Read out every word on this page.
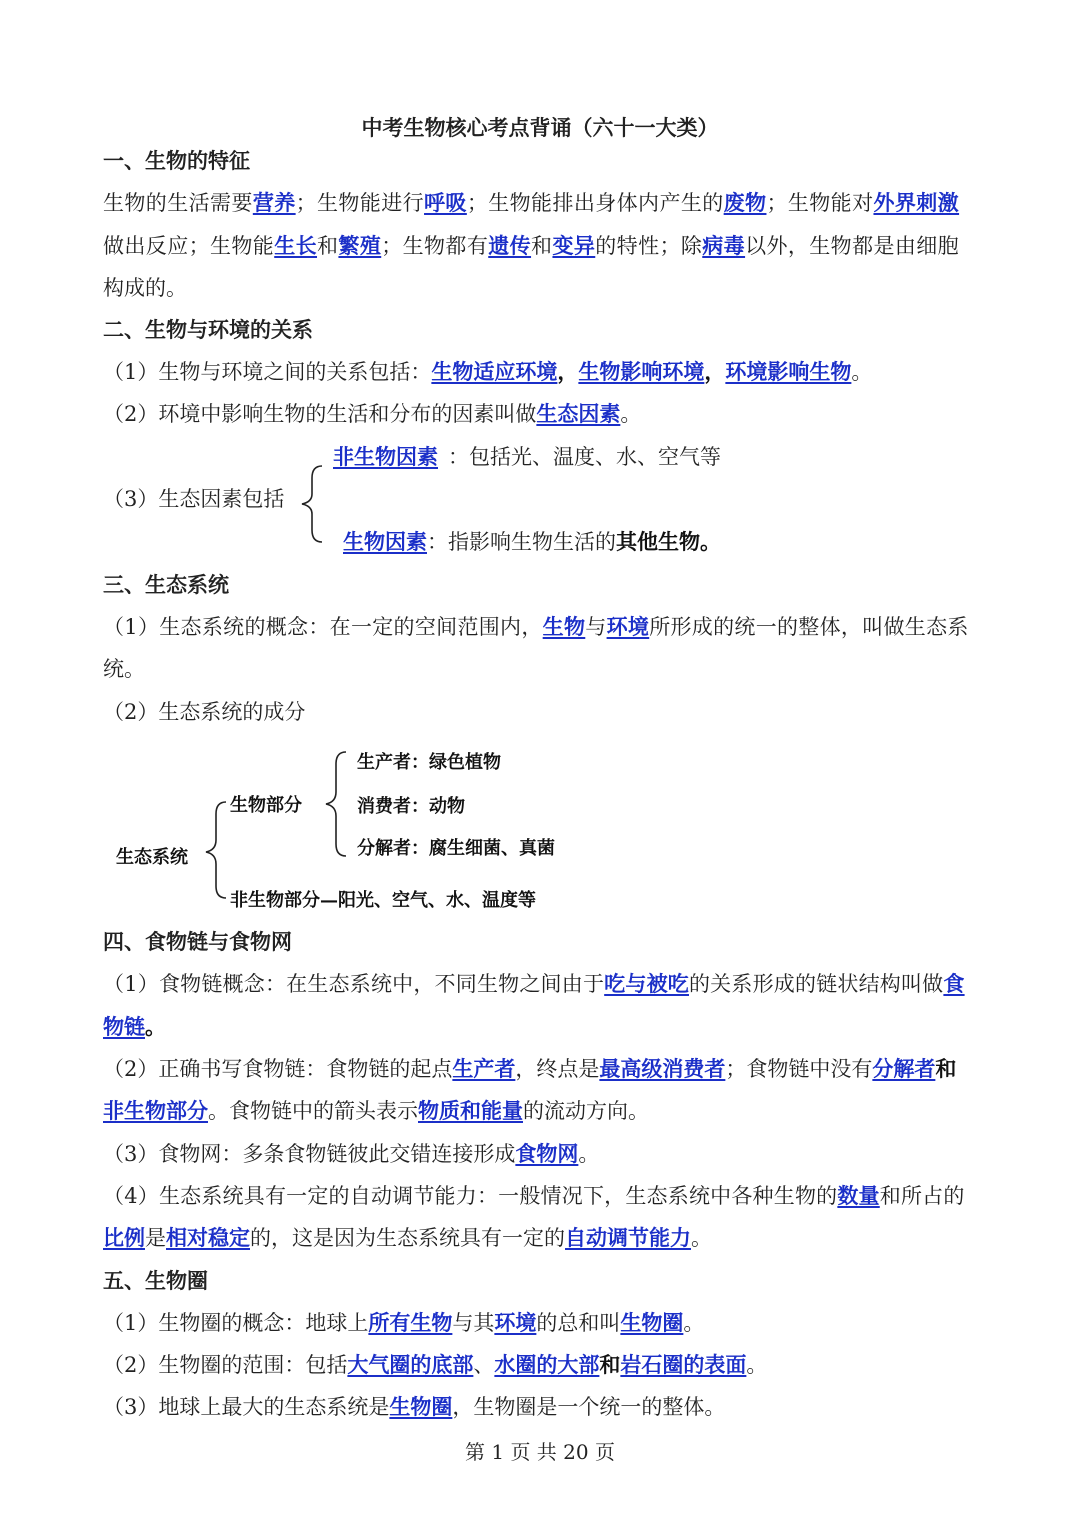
中考生物核心考点背诵（六十一大类）
一、生物的特征
生物的生活需要营养；生物能进行呼吸；生物能排出身体内产生的废物；生物能对外界刺激
做出反应；生物能生长和繁殖；生物都有遗传和变异的特性；除病毒以外，生物都是由细胞
构成的。
二、生物与环境的关系
（1）生物与环境之间的关系包括：生物适应环境，生物影响环境，环境影响生物。
（2）环境中影响生物的生活和分布的因素叫做生态因素。
（3）生态因素包括
非生物因素 ：包括光、温度、水、空气等
生物因素：指影响生物生活的其他生物。
三、生态系统
（1）生态系统的概念：在一定的空间范围内，生物与环境所形成的统一的整体，叫做生态系
统。
（2）生态系统的成分
生态系统
生物部分
生产者：绿色植物
消费者：动物
分解者：腐生细菌、真菌
非生物部分—阳光、空气、水、温度等
四、食物链与食物网
（1）食物链概念：在生态系统中，不同生物之间由于吃与被吃的关系形成的链状结构叫做食
物链。
（2）正确书写食物链：食物链的起点生产者，终点是最高级消费者；食物链中没有分解者和
非生物部分。食物链中的箭头表示物质和能量的流动方向。
（3）食物网：多条食物链彼此交错连接形成食物网。
（4）生态系统具有一定的自动调节能力：一般情况下，生态系统中各种生物的数量和所占的
比例是相对稳定的，这是因为生态系统具有一定的自动调节能力。
五、生物圈
（1）生物圈的概念：地球上所有生物与其环境的总和叫生物圈。
（2）生物圈的范围：包括大气圈的底部、水圈的大部和岩石圈的表面。
（3）地球上最大的生态系统是生物圈，生物圈是一个统一的整体。
第 1 页 共 20 页
